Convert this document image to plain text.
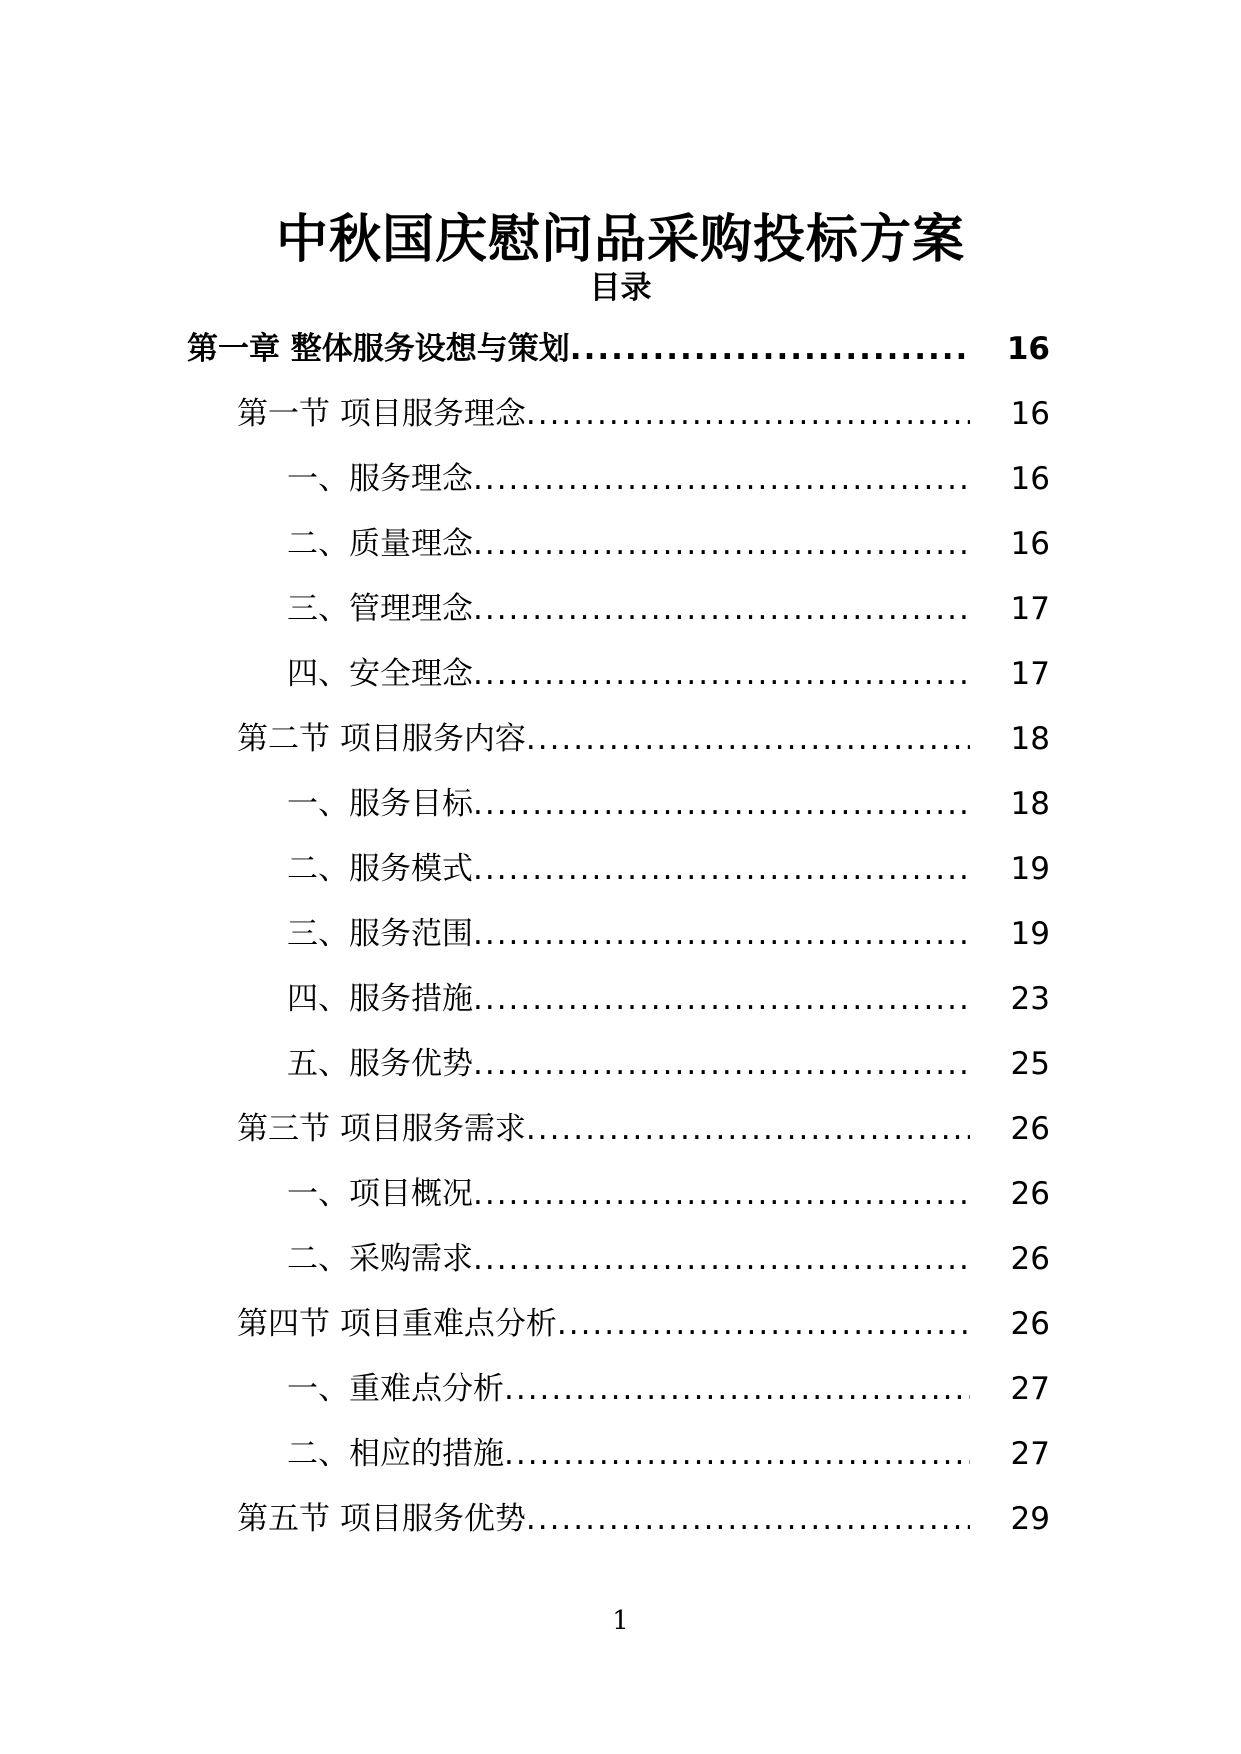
中秋国庆慰问品采购投标方案
目录
第一章 整体服务设想与策划 .....	16
第一节 项目服务理念 .....	16
一、服务理念 .....	16
二、质量理念 .....	16
三、管理理念 .....	17
四、安全理念 .....	17
第二节 项目服务内容 .....	18
一、服务目标 .....	18
二、服务模式 .....	19
三、服务范围 .....	19
四、服务措施 .....	23
五、服务优势 .....	25
第三节 项目服务需求 .....	26
一、项目概况 .....	26
二、采购需求 .....	26
第四节 项目重难点分析 .....	26
一、重难点分析 .....	27
二、相应的措施 .....	27
第五节 项目服务优势 .....	29
1
